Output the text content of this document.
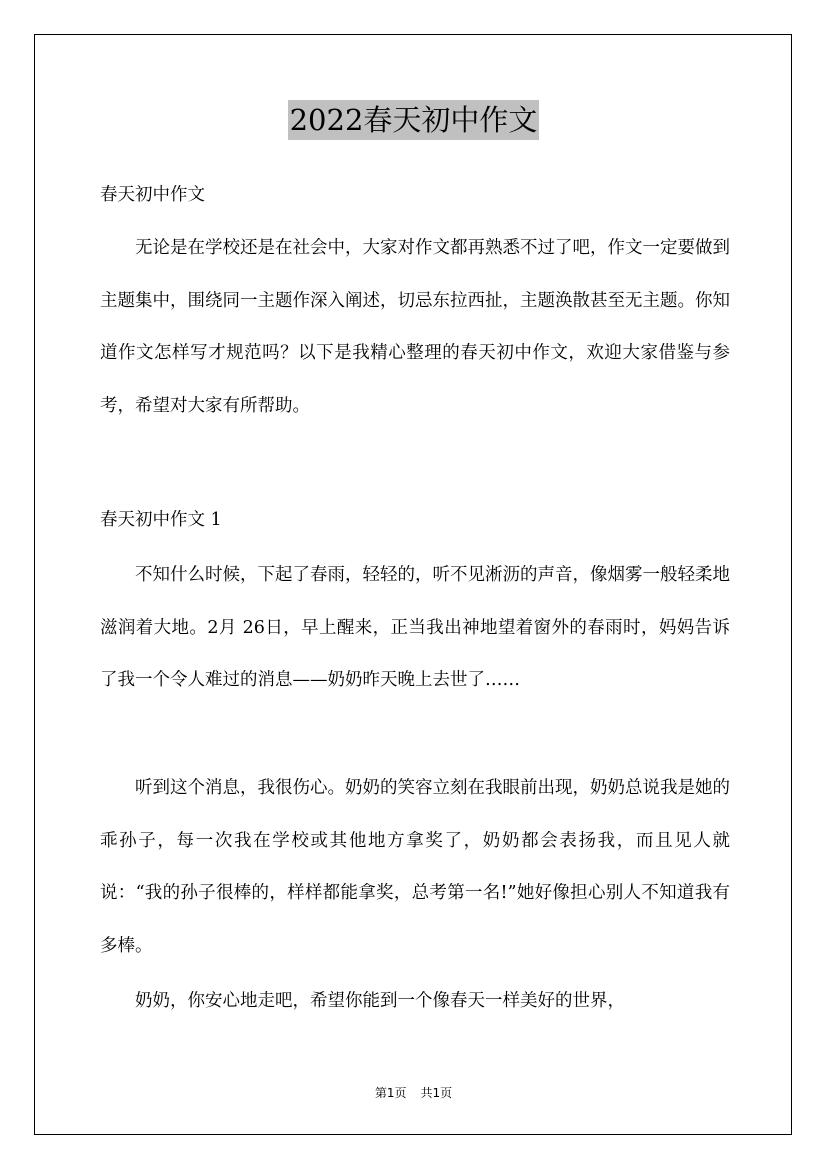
2022春天初中作文
春天初中作文

无论是在学校还是在社会中，大家对作文都再熟悉不过了吧，作文一定要做到主题集中，围绕同一主题作深入阐述，切忌东拉西扯，主题涣散甚至无主题。你知道作文怎样写才规范吗？以下是我精心整理的春天初中作文，欢迎大家借鉴与参考，希望对大家有所帮助。

春天初中作文 1

不知什么时候，下起了春雨，轻轻的，听不见淅沥的声音，像烟雾一般轻柔地滋润着大地。2月 26日，早上醒来，正当我出神地望着窗外的春雨时，妈妈告诉了我一个令人难过的消息——奶奶昨天晚上去世了……

听到这个消息，我很伤心。奶奶的笑容立刻在我眼前出现，奶奶总说我是她的乖孙子，每一次我在学校或其他地方拿奖了，奶奶都会表扬我，而且见人就说：“我的孙子很棒的，样样都能拿奖，总考第一名!”她好像担心别人不知道我有多棒。

奶奶，你安心地走吧，希望你能到一个像春天一样美好的世界，

第1页 共1页
